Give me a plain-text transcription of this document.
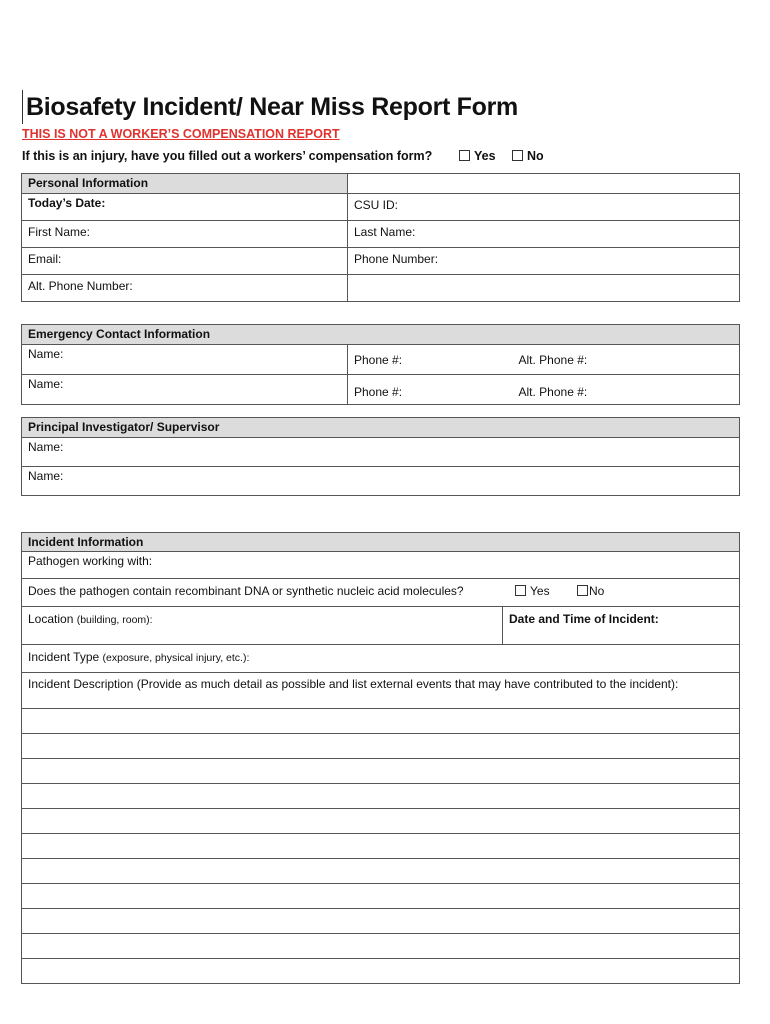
Biosafety Incident/ Near Miss Report Form
THIS IS NOT A WORKER’S COMPENSATION REPORT
If this is an injury, have you filled out a workers’ compensation form?	Yes	No
Personal Information	
Today’s Date:	CSU ID:
First Name:	Last Name:
Email:	Phone Number:
Alt. Phone Number:	
Emergency Contact Information		
Name:	Phone #:	Alt. Phone #:
Name:	Phone #:	Alt. Phone #:
Principal Investigator/ Supervisor
Name:
Name:
Incident Information
Pathogen working with:
Does the pathogen contain recombinant DNA or synthetic nucleic acid molecules?	Yes	No
Location (building, room):	Date and Time of Incident:
Incident Type (exposure, physical injury, etc.):
Incident Description (Provide as much detail as possible and list external events that may have contributed to the incident):
